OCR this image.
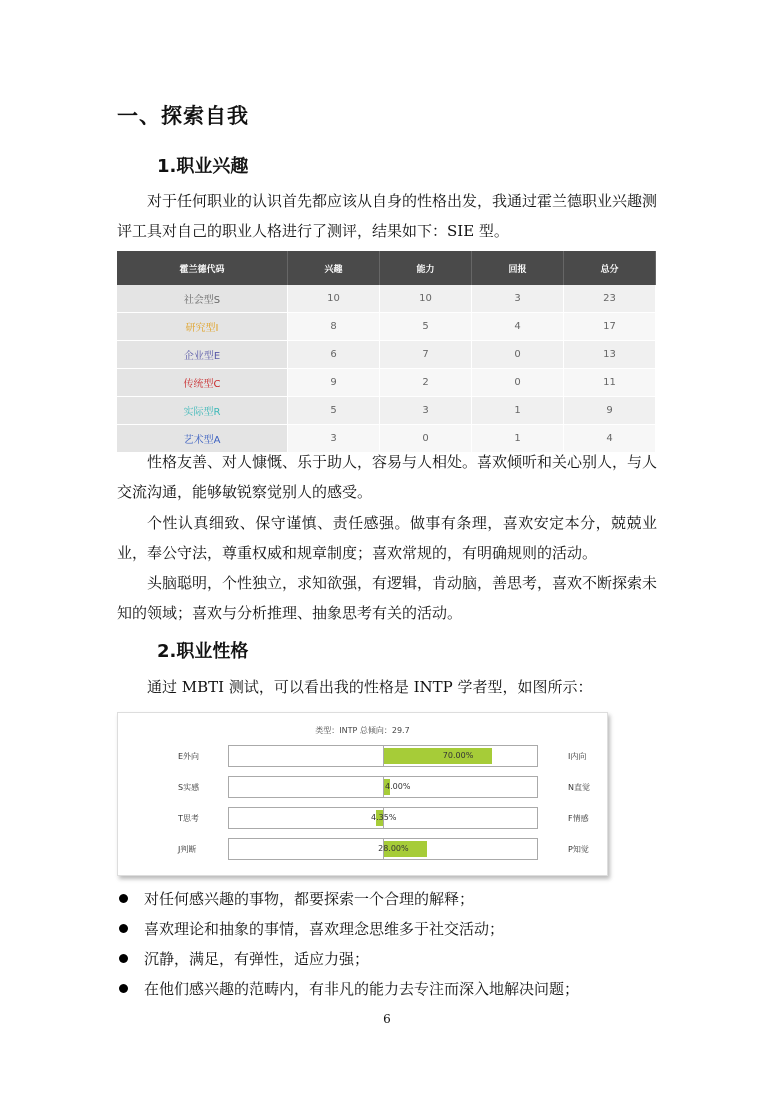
一、探索自我
1.职业兴趣
对于任何职业的认识首先都应该从自身的性格出发，我通过霍兰德职业兴趣测评工具对自己的职业人格进行了测评，结果如下：SIE 型。
霍兰德代码	兴趣	能力	回报	总分
社会型S	10	10	3	23
研究型I	8	5	4	17
企业型E	6	7	0	13
传统型C	9	2	0	11
实际型R	5	3	1	9
艺术型A	3	0	1	4
性格友善、对人慷慨、乐于助人，容易与人相处。喜欢倾听和关心别人，与人交流沟通，能够敏锐察觉别人的感受。
个性认真细致、保守谨慎、责任感强。做事有条理，喜欢安定本分，兢兢业业，奉公守法，尊重权威和规章制度；喜欢常规的，有明确规则的活动。
头脑聪明，个性独立，求知欲强，有逻辑，肯动脑，善思考，喜欢不断探索未知的领域；喜欢与分析推理、抽象思考有关的活动。
2.职业性格
通过 MBTI 测试，可以看出我的性格是 INTP 学者型，如图所示：
类型：INTP 总倾向：29.7
E外向	70.00%	I内向
S实感	4.00%	N直觉
T思考	4.35%	F情感
J判断	28.00%	P知觉
对任何感兴趣的事物，都要探索一个合理的解释；
喜欢理论和抽象的事情，喜欢理念思维多于社交活动；
沉静，满足，有弹性，适应力强；
在他们感兴趣的范畴内，有非凡的能力去专注而深入地解决问题；
6
